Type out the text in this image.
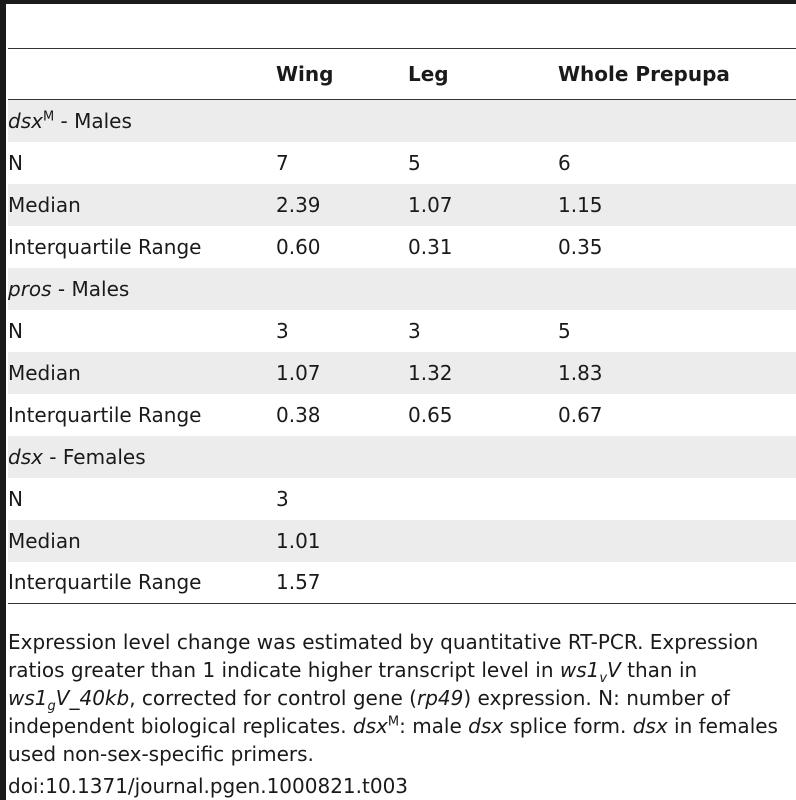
	Wing	Leg	Whole Prepupa
dsx$^M$ - Males			
N	7	5	6
Median	2.39	1.07	1.15
Interquartile Range	0.60	0.31	0.35
pros - Males			
N	3	3	5
Median	1.07	1.32	1.83
Interquartile Range	0.38	0.65	0.67
dsx - Females			
N	3		
Median	1.01		
Interquartile Range	1.57		

Expression level change was estimated by quantitative RT-PCR. Expression ratios greater than 1 indicate higher transcript level in $ws1_vV$ than in $ws1_gV\_40kb$, corrected for control gene (rp49) expression. N: number of independent biological replicates. dsx$^M$: male dsx splice form. dsx in females used non-sex-specific primers.

doi:10.1371/journal.pgen.1000821.t003
